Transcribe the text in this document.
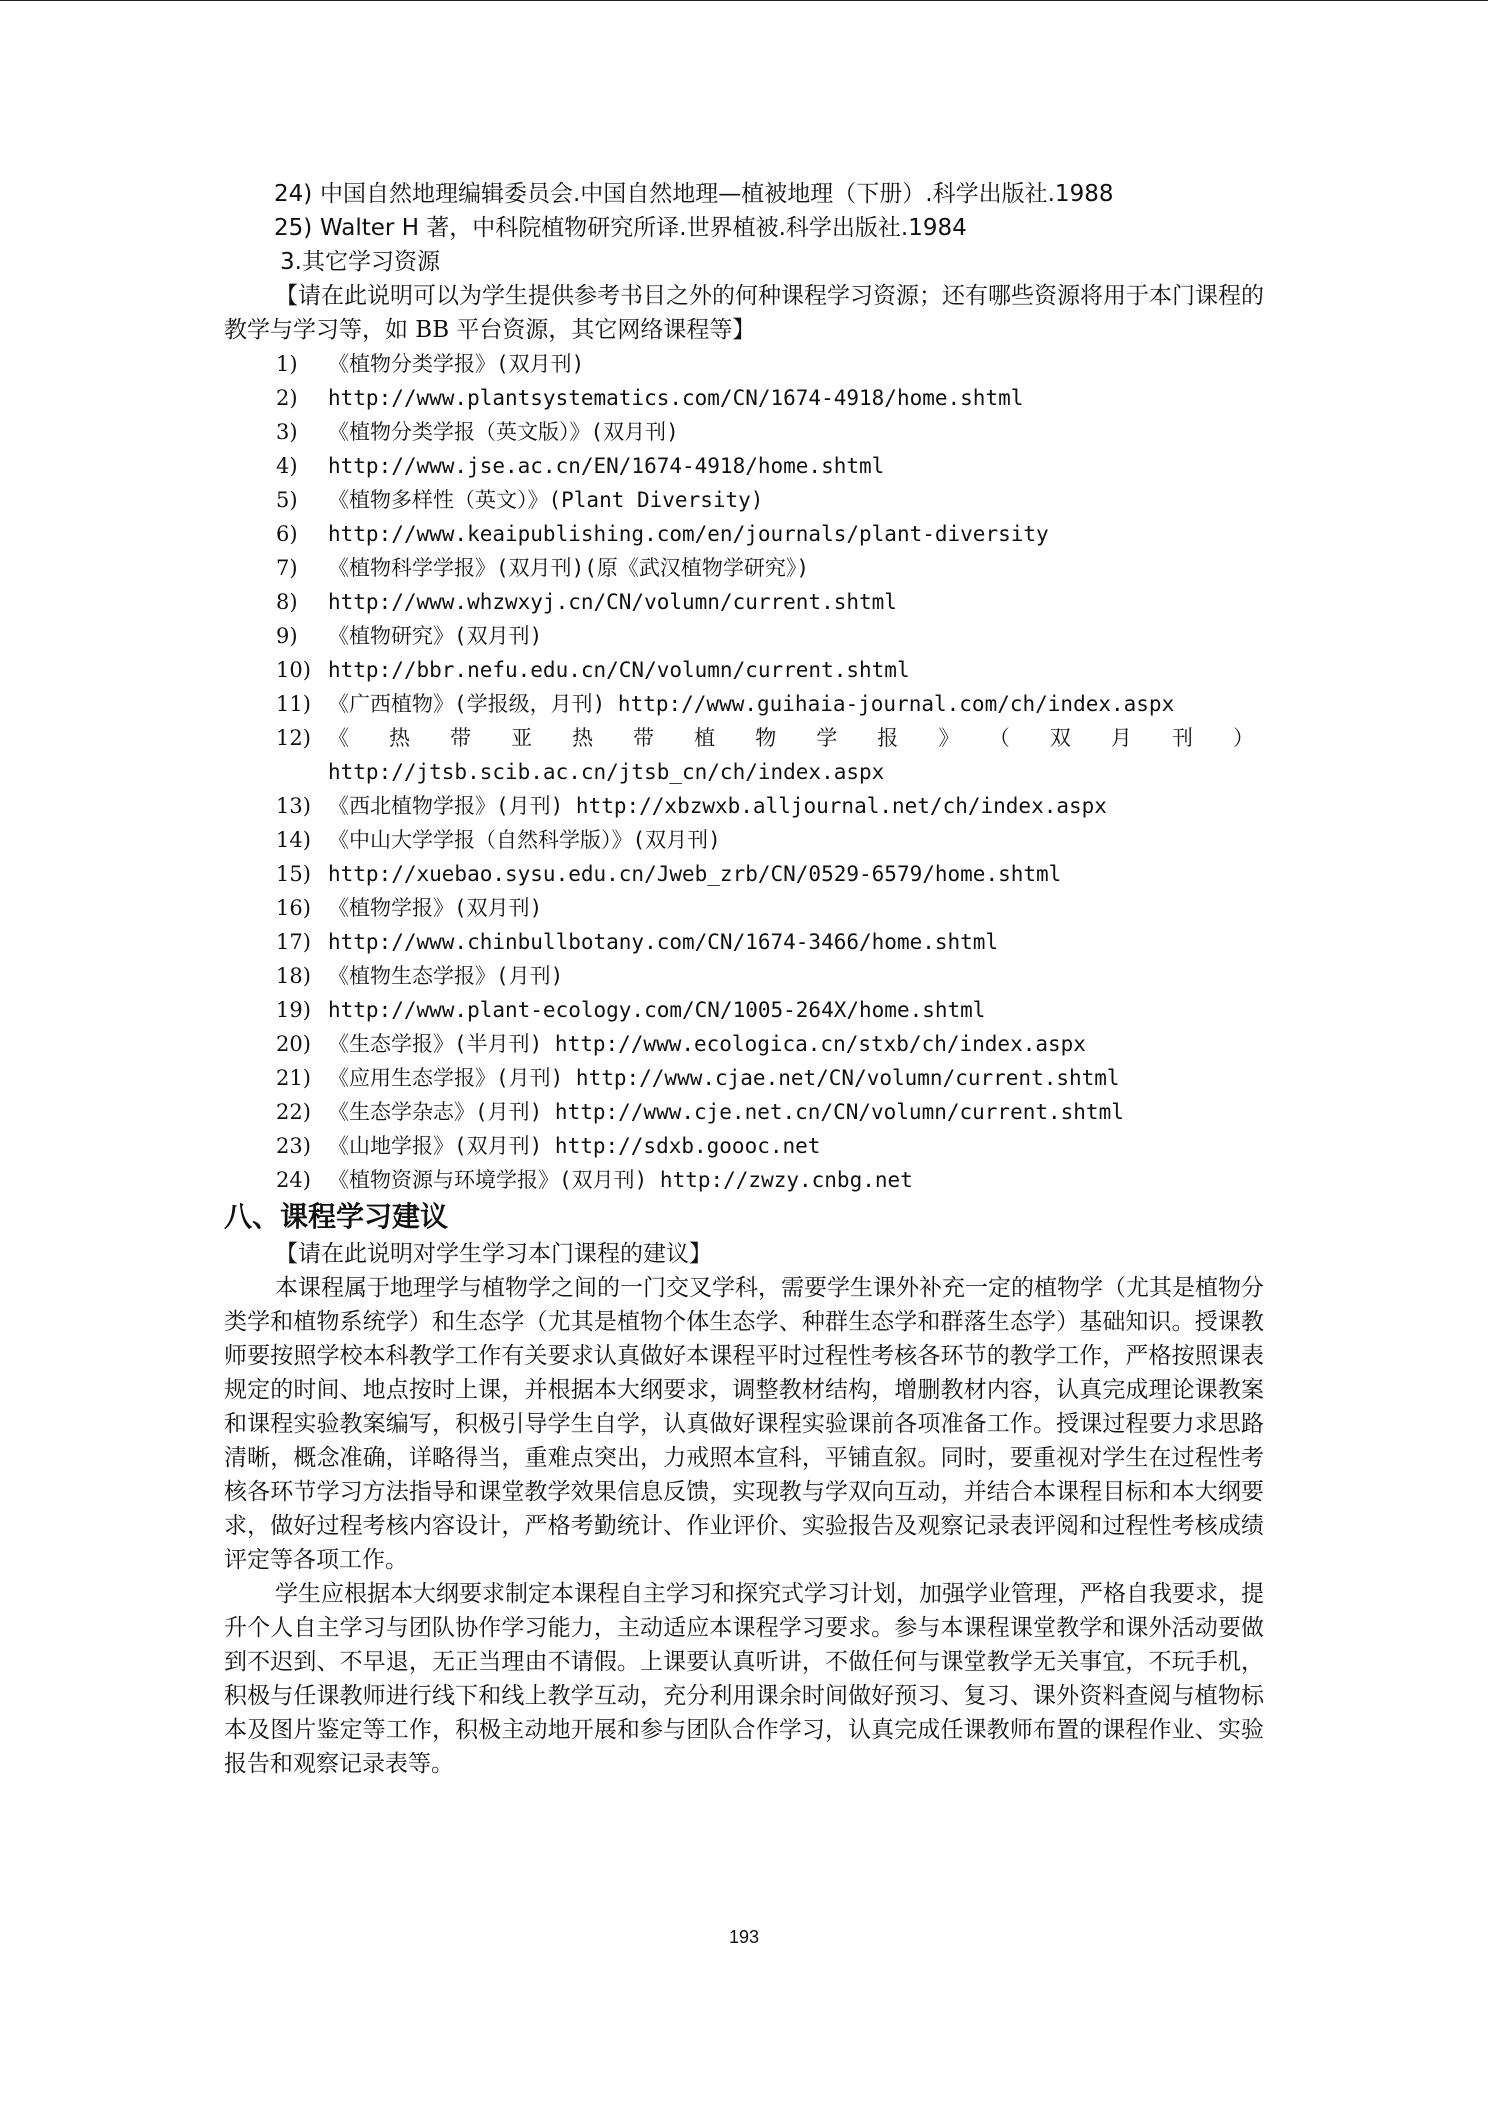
24) 中国自然地理编辑委员会.中国自然地理—植被地理（下册）.科学出版社.1988
25) Walter H 著，中科院植物研究所译.世界植被.科学出版社.1984
3.其它学习资源

【请在此说明可以为学生提供参考书目之外的何种课程学习资源；还有哪些资源将用于本门课程的教学与学习等，如 BB 平台资源，其它网络课程等】

1) 《植物分类学报》(双月刊)
2) http://www.plantsystematics.com/CN/1674-4918/home.shtml
3) 《植物分类学报（英文版）》(双月刊)
4) http://www.jse.ac.cn/EN/1674-4918/home.shtml
5) 《植物多样性（英文）》(Plant Diversity)
6) http://www.keaipublishing.com/en/journals/plant-diversity
7) 《植物科学学报》(双月刊)(原《武汉植物学研究》)
8) http://www.whzwxyj.cn/CN/volumn/current.shtml
9) 《植物研究》(双月刊)
10) http://bbr.nefu.edu.cn/CN/volumn/current.shtml
11) 《广西植物》(学报级，月刊) http://www.guihaia-journal.com/ch/index.aspx
12) 《热带亚热带植物学报》（双月刊）
http://jtsb.scib.ac.cn/jtsb_cn/ch/index.aspx
13) 《西北植物学报》(月刊) http://xbzwxb.alljournal.net/ch/index.aspx
14) 《中山大学学报（自然科学版）》(双月刊)
15) http://xuebao.sysu.edu.cn/Jweb_zrb/CN/0529-6579/home.shtml
16) 《植物学报》(双月刊)
17) http://www.chinbullbotany.com/CN/1674-3466/home.shtml
18) 《植物生态学报》(月刊)
19) http://www.plant-ecology.com/CN/1005-264X/home.shtml
20) 《生态学报》(半月刊) http://www.ecologica.cn/stxb/ch/index.aspx
21) 《应用生态学报》(月刊) http://www.cjae.net/CN/volumn/current.shtml
22) 《生态学杂志》(月刊) http://www.cje.net.cn/CN/volumn/current.shtml
23) 《山地学报》(双月刊) http://sdxb.goooc.net
24) 《植物资源与环境学报》(双月刊) http://zwzy.cnbg.net
八、课程学习建议
【请在此说明对学生学习本门课程的建议】

本课程属于地理学与植物学之间的一门交叉学科，需要学生课外补充一定的植物学（尤其是植物分类学和植物系统学）和生态学（尤其是植物个体生态学、种群生态学和群落生态学）基础知识。授课教师要按照学校本科教学工作有关要求认真做好本课程平时过程性考核各环节的教学工作，严格按照课表规定的时间、地点按时上课，并根据本大纲要求，调整教材结构，增删教材内容，认真完成理论课教案和课程实验教案编写，积极引导学生自学，认真做好课程实验课前各项准备工作。授课过程要力求思路清晰，概念准确，详略得当，重难点突出，力戒照本宣科，平铺直叙。同时，要重视对学生在过程性考核各环节学习方法指导和课堂教学效果信息反馈，实现教与学双向互动，并结合本课程目标和本大纲要求，做好过程考核内容设计，严格考勤统计、作业评价、实验报告及观察记录表评阅和过程性考核成绩评定等各项工作。

学生应根据本大纲要求制定本课程自主学习和探究式学习计划，加强学业管理，严格自我要求，提升个人自主学习与团队协作学习能力，主动适应本课程学习要求。参与本课程课堂教学和课外活动要做到不迟到、不早退，无正当理由不请假。上课要认真听讲，不做任何与课堂教学无关事宜，不玩手机，积极与任课教师进行线下和线上教学互动，充分利用课余时间做好预习、复习、课外资料查阅与植物标本及图片鉴定等工作，积极主动地开展和参与团队合作学习，认真完成任课教师布置的课程作业、实验报告和观察记录表等。

193
